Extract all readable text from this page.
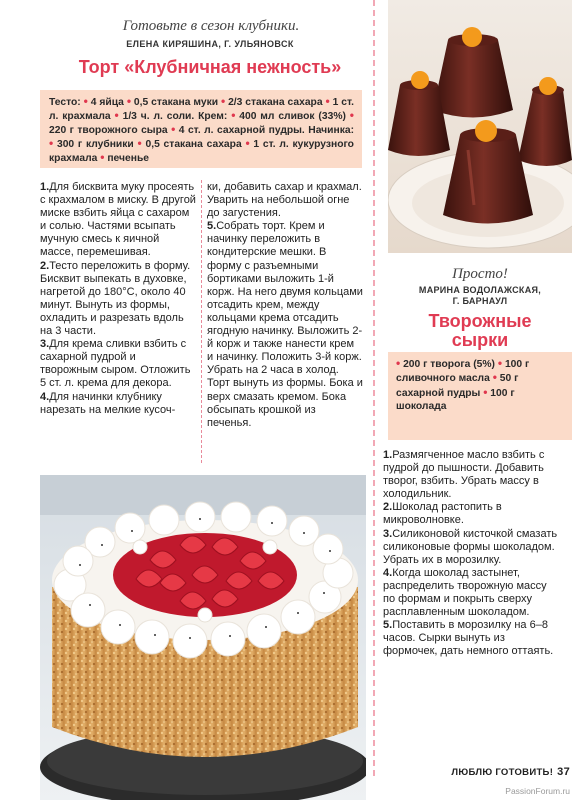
Готовьте в сезон клубники.
ЕЛЕНА КИРЯШИНА, Г. УЛЬЯНОВСК
Торт «Клубничная нежность»
Тесто: • 4 яйца • 0,5 стакана муки • 2/3 стакана сахара • 1 ст. л. крахмала • 1/3 ч. л. соли. Крем: • 400 мл сливок (33%) • 220 г творожного сыра • 4 ст. л. сахарной пудры. Начинка: • 300 г клубники • 0,5 стакана сахара • 1 ст. л. кукурузного крахмала • печенье

1.Для бисквита муку просеять с крахмалом в миску. В другой миске взбить яйца с сахаром и солью. Частями всыпать мучную смесь к яичной массе, перемешивая.

2.Тесто переложить в форму. Бисквит выпекать в духовке, нагретой до 180°С, около 40 минут. Вынуть из формы, охладить и разрезать вдоль на 3 части.

3.Для крема сливки взбить с сахарной пудрой и творожным сыром. Отложить 5 ст. л. крема для декора.

4.Для начинки клубнику нарезать на мелкие кусоч-

ки, добавить сахар и крахмал. Уварить на небольшой огне до загустения.

5.Собрать торт. Крем и начинку переложить в кондитерские мешки. В форму с разъемными бортиками выложить 1-й корж. На него двумя кольцами отсадить крем, между кольцами крема отсадить ягодную начинку. Выложить 2-й корж и также нанести крем и начинку. Положить 3-й корж. Убрать на 2 часа в холод. Торт вынуть из формы. Бока и верх смазать кремом. Бока обсыпать крошкой из печенья.

Просто!
МАРИНА ВОДОЛАЖСКАЯ,
Г. БАРНАУЛ
Творожные
сырки
• 200 г творога (5%) • 100 г сливочного масла • 50 г сахарной пудры • 100 г шоколада

1.Размягченное масло взбить с пудрой до пышности. Добавить творог, взбить. Убрать массу в холодильник.

2.Шоколад растопить в микроволновке.

3.Силиконовой кисточкой смазать силиконовые формы шоколадом. Убрать их в морозилку.

4.Когда шоколад застынет, распределить творожную массу по формам и покрыть сверху расплавленным шоколадом.

5.Поставить в морозилку на 6–8 часов. Сырки вынуть из формочек, дать немного оттаять.

ЛЮБЛЮ ГОТОВИТЬ! 37
PassionForum.ru
